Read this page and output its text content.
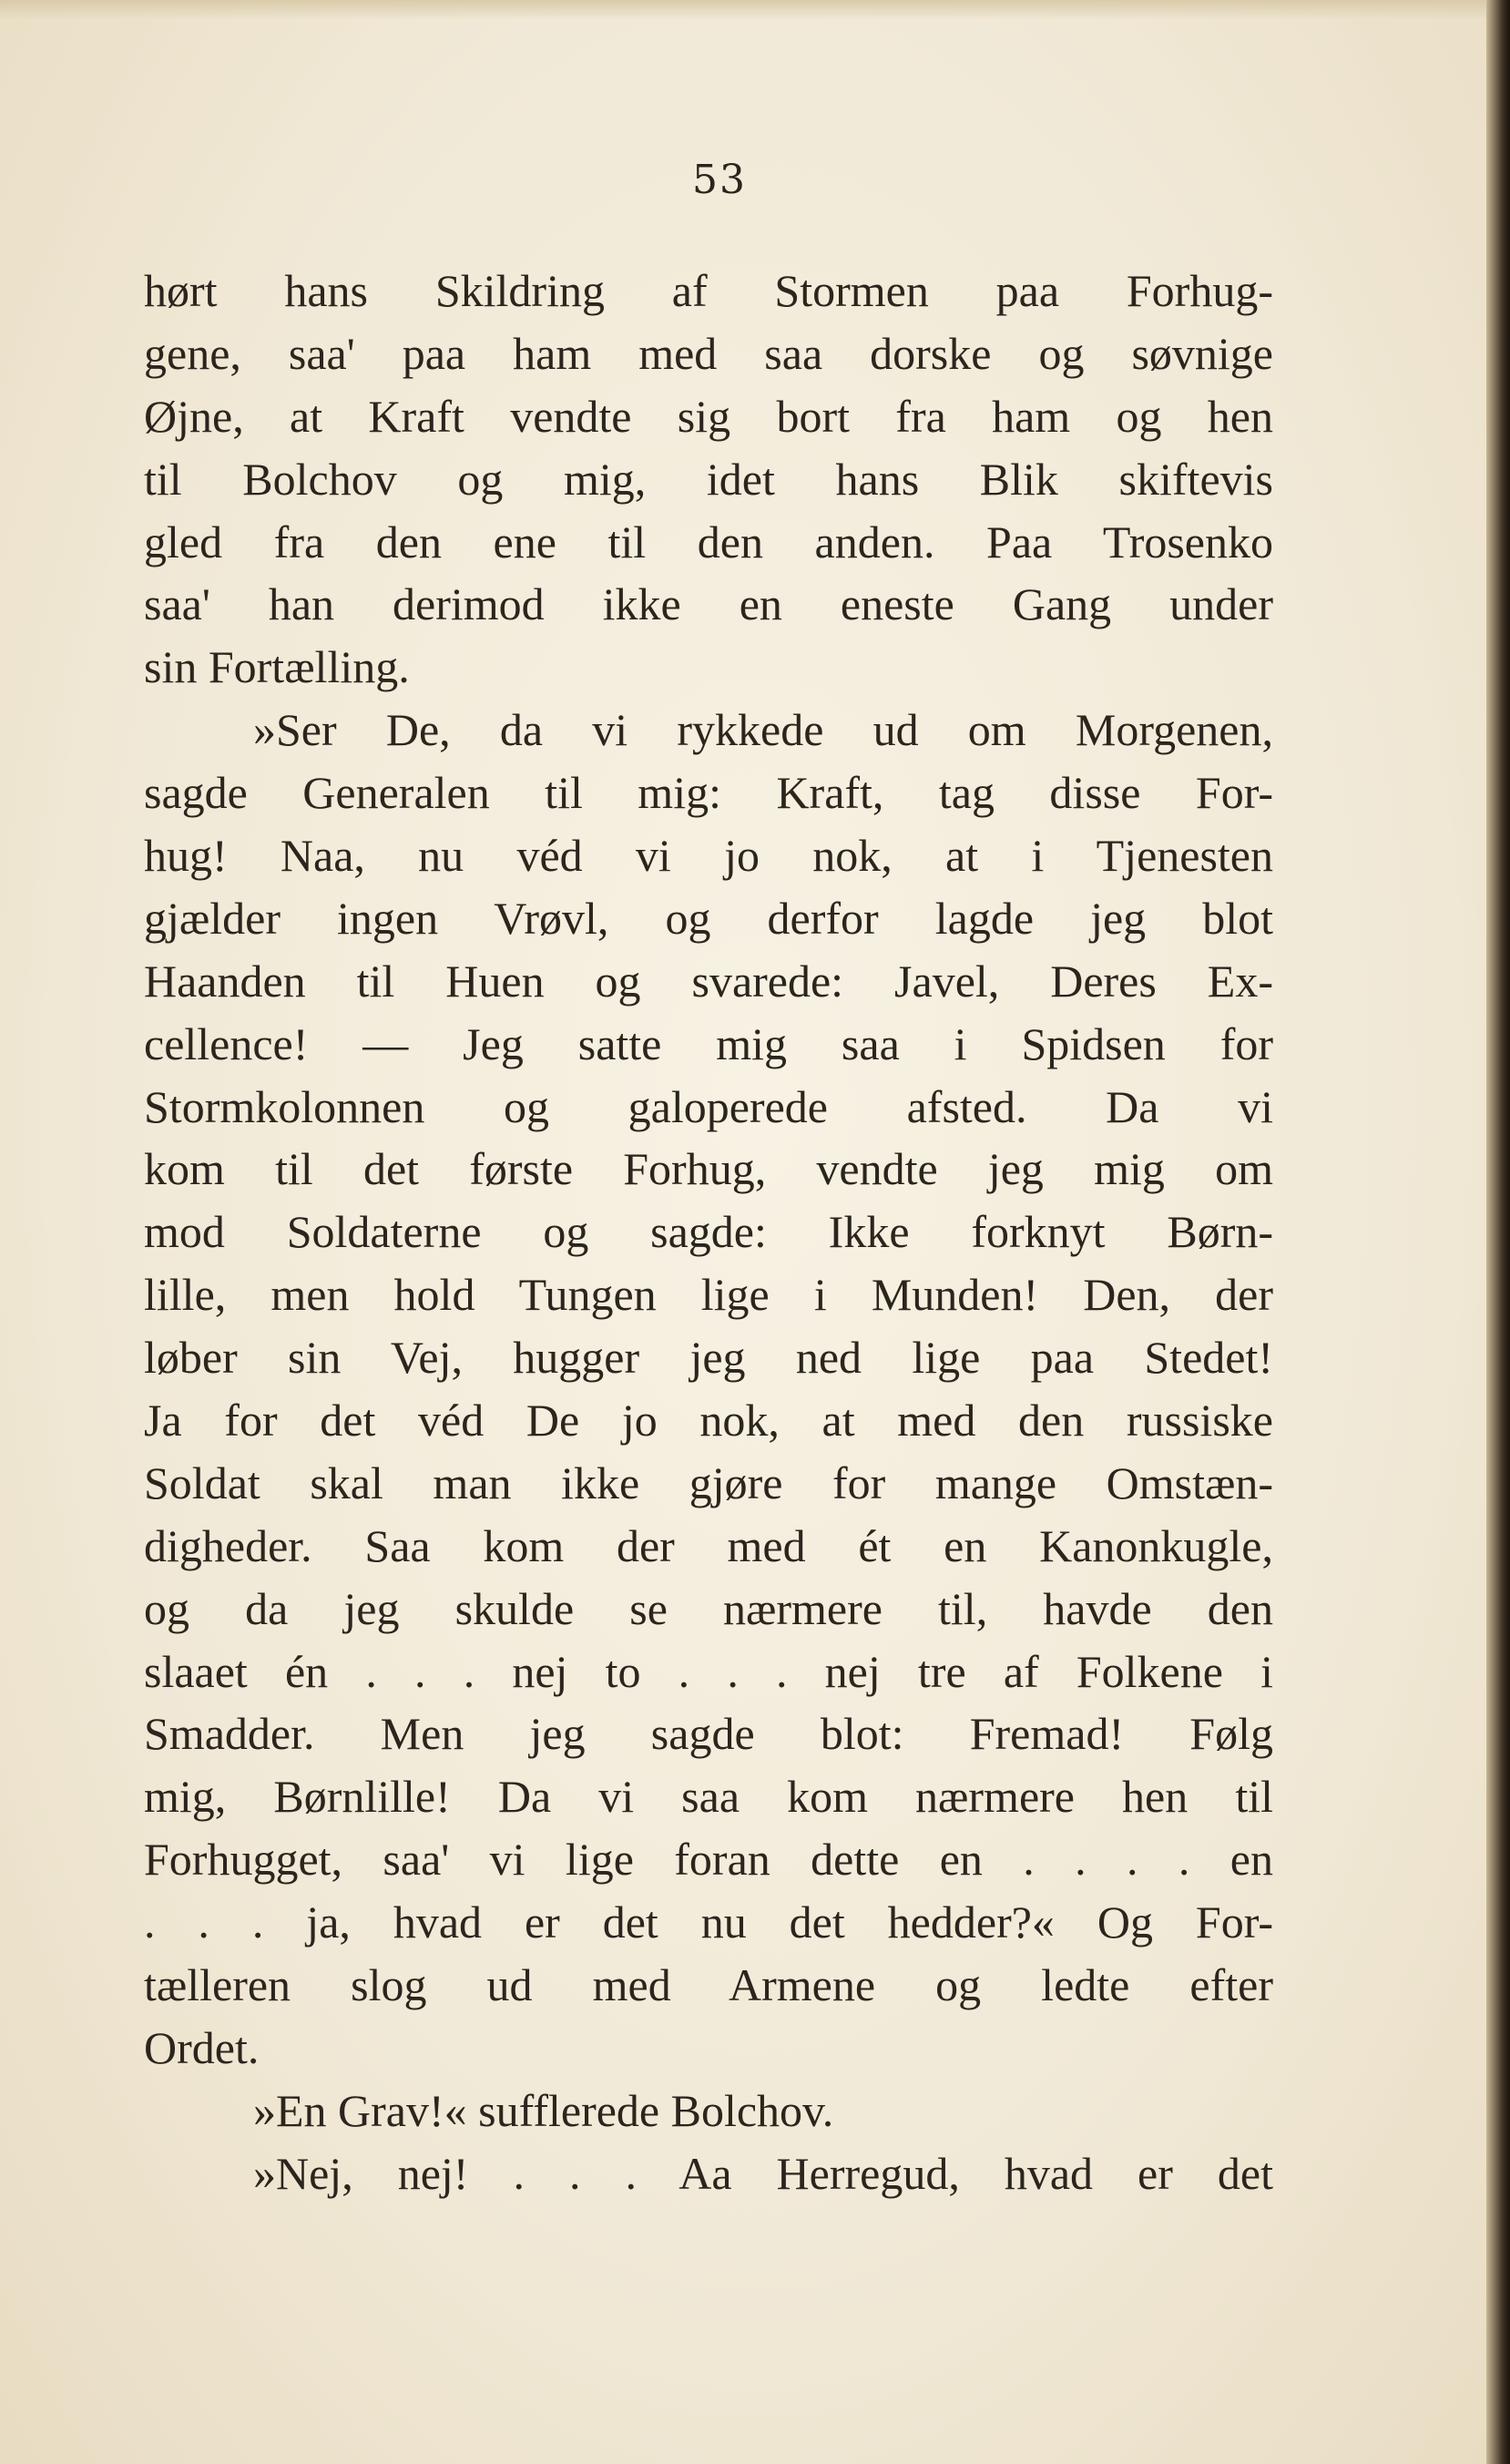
53
hørt hans Skildring af Stormen paa Forhug-
gene, saa' paa ham med saa dorske og søvnige
Øjne, at Kraft vendte sig bort fra ham og hen
til Bolchov og mig, idet hans Blik skiftevis
gled fra den ene til den anden. Paa Trosenko
saa' han derimod ikke en eneste Gang under
sin Fortælling.
»Ser De, da vi rykkede ud om Morgenen,
sagde Generalen til mig: Kraft, tag disse For-
hug! Naa, nu véd vi jo nok, at i Tjenesten
gjælder ingen Vrøvl, og derfor lagde jeg blot
Haanden til Huen og svarede: Javel, Deres Ex-
cellence! — Jeg satte mig saa i Spidsen for
Stormkolonnen og galoperede afsted. Da vi
kom til det første Forhug, vendte jeg mig om
mod Soldaterne og sagde: Ikke forknyt Børn-
lille, men hold Tungen lige i Munden! Den, der
løber sin Vej, hugger jeg ned lige paa Stedet!
Ja for det véd De jo nok, at med den russiske
Soldat skal man ikke gjøre for mange Omstæn-
digheder. Saa kom der med ét en Kanonkugle,
og da jeg skulde se nærmere til, havde den
slaaet én . . . nej to . . . nej tre af Folkene i
Smadder. Men jeg sagde blot: Fremad! Følg
mig, Børnlille! Da vi saa kom nærmere hen til
Forhugget, saa' vi lige foran dette en . . . . en
. . . ja, hvad er det nu det hedder?« Og For-
tælleren slog ud med Armene og ledte efter
Ordet.
»En Grav!« sufflerede Bolchov.
»Nej, nej! . . . Aa Herregud, hvad er det
